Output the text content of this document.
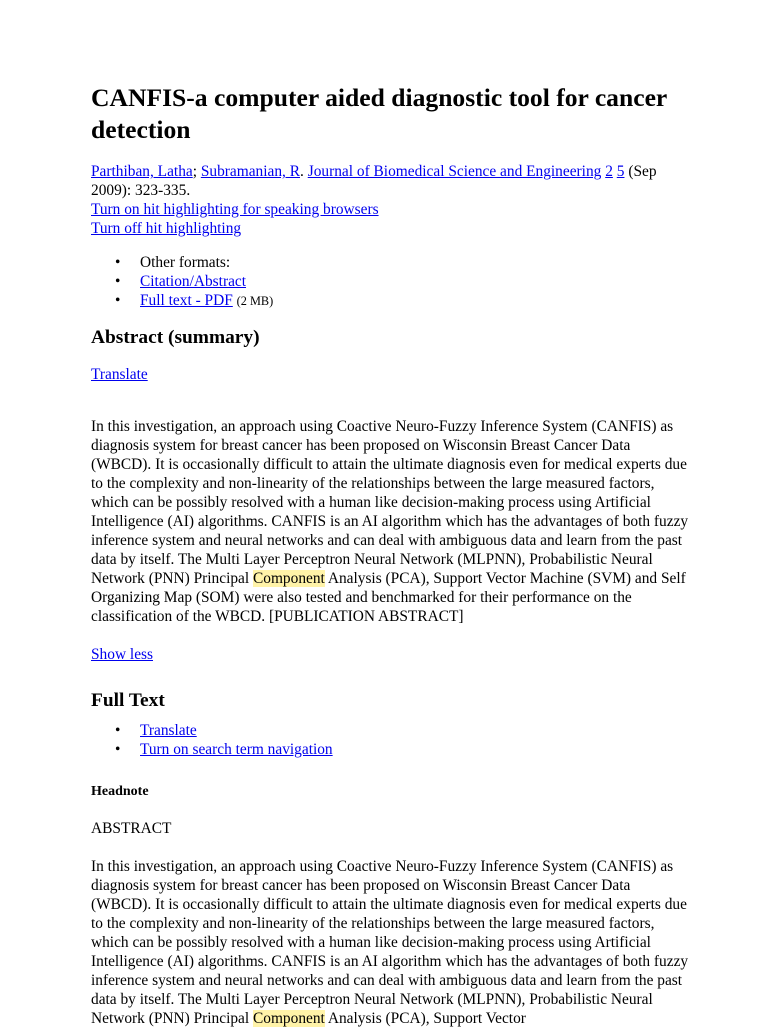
CANFIS-a computer aided diagnostic tool for cancer detection

Parthiban, Latha; Subramanian, R. Journal of Biomedical Science and Engineering 2 5 (Sep 2009): 323-335.

Turn on hit highlighting for speaking browsers
Turn off hit highlighting
• Other formats:
• Citation/Abstract
• Full text - PDF (2 MB)
Abstract (summary)

Translate

In this investigation, an approach using Coactive Neuro-Fuzzy Inference System (CANFIS) as diagnosis system for breast cancer has been proposed on Wisconsin Breast Cancer Data (WBCD). It is occasionally difficult to attain the ultimate diagnosis even for medical experts due to the complexity and non-linearity of the relationships between the large measured factors, which can be possibly resolved with a human like decision-making process using Artificial Intelligence (AI) algorithms. CANFIS is an AI algorithm which has the advantages of both fuzzy inference system and neural networks and can deal with ambiguous data and learn from the past data by itself. The Multi Layer Perceptron Neural Network (MLPNN), Probabilistic Neural Network (PNN) Principal Component Analysis (PCA), Support Vector Machine (SVM) and Self Organizing Map (SOM) were also tested and benchmarked for their performance on the classification of the WBCD. [PUBLICATION ABSTRACT]

Show less

Full Text
• Translate
• Turn on search term navigation
Headnote

ABSTRACT

In this investigation, an approach using Coactive Neuro-Fuzzy Inference System (CANFIS) as diagnosis system for breast cancer has been proposed on Wisconsin Breast Cancer Data (WBCD). It is occasionally difficult to attain the ultimate diagnosis even for medical experts due to the complexity and non-linearity of the relationships between the large measured factors, which can be possibly resolved with a human like decision-making process using Artificial Intelligence (AI) algorithms. CANFIS is an AI algorithm which has the advantages of both fuzzy inference system and neural networks and can deal with ambiguous data and learn from the past data by itself. The Multi Layer Perceptron Neural Network (MLPNN), Probabilistic Neural Network (PNN) Principal Component Analysis (PCA), Support Vector
